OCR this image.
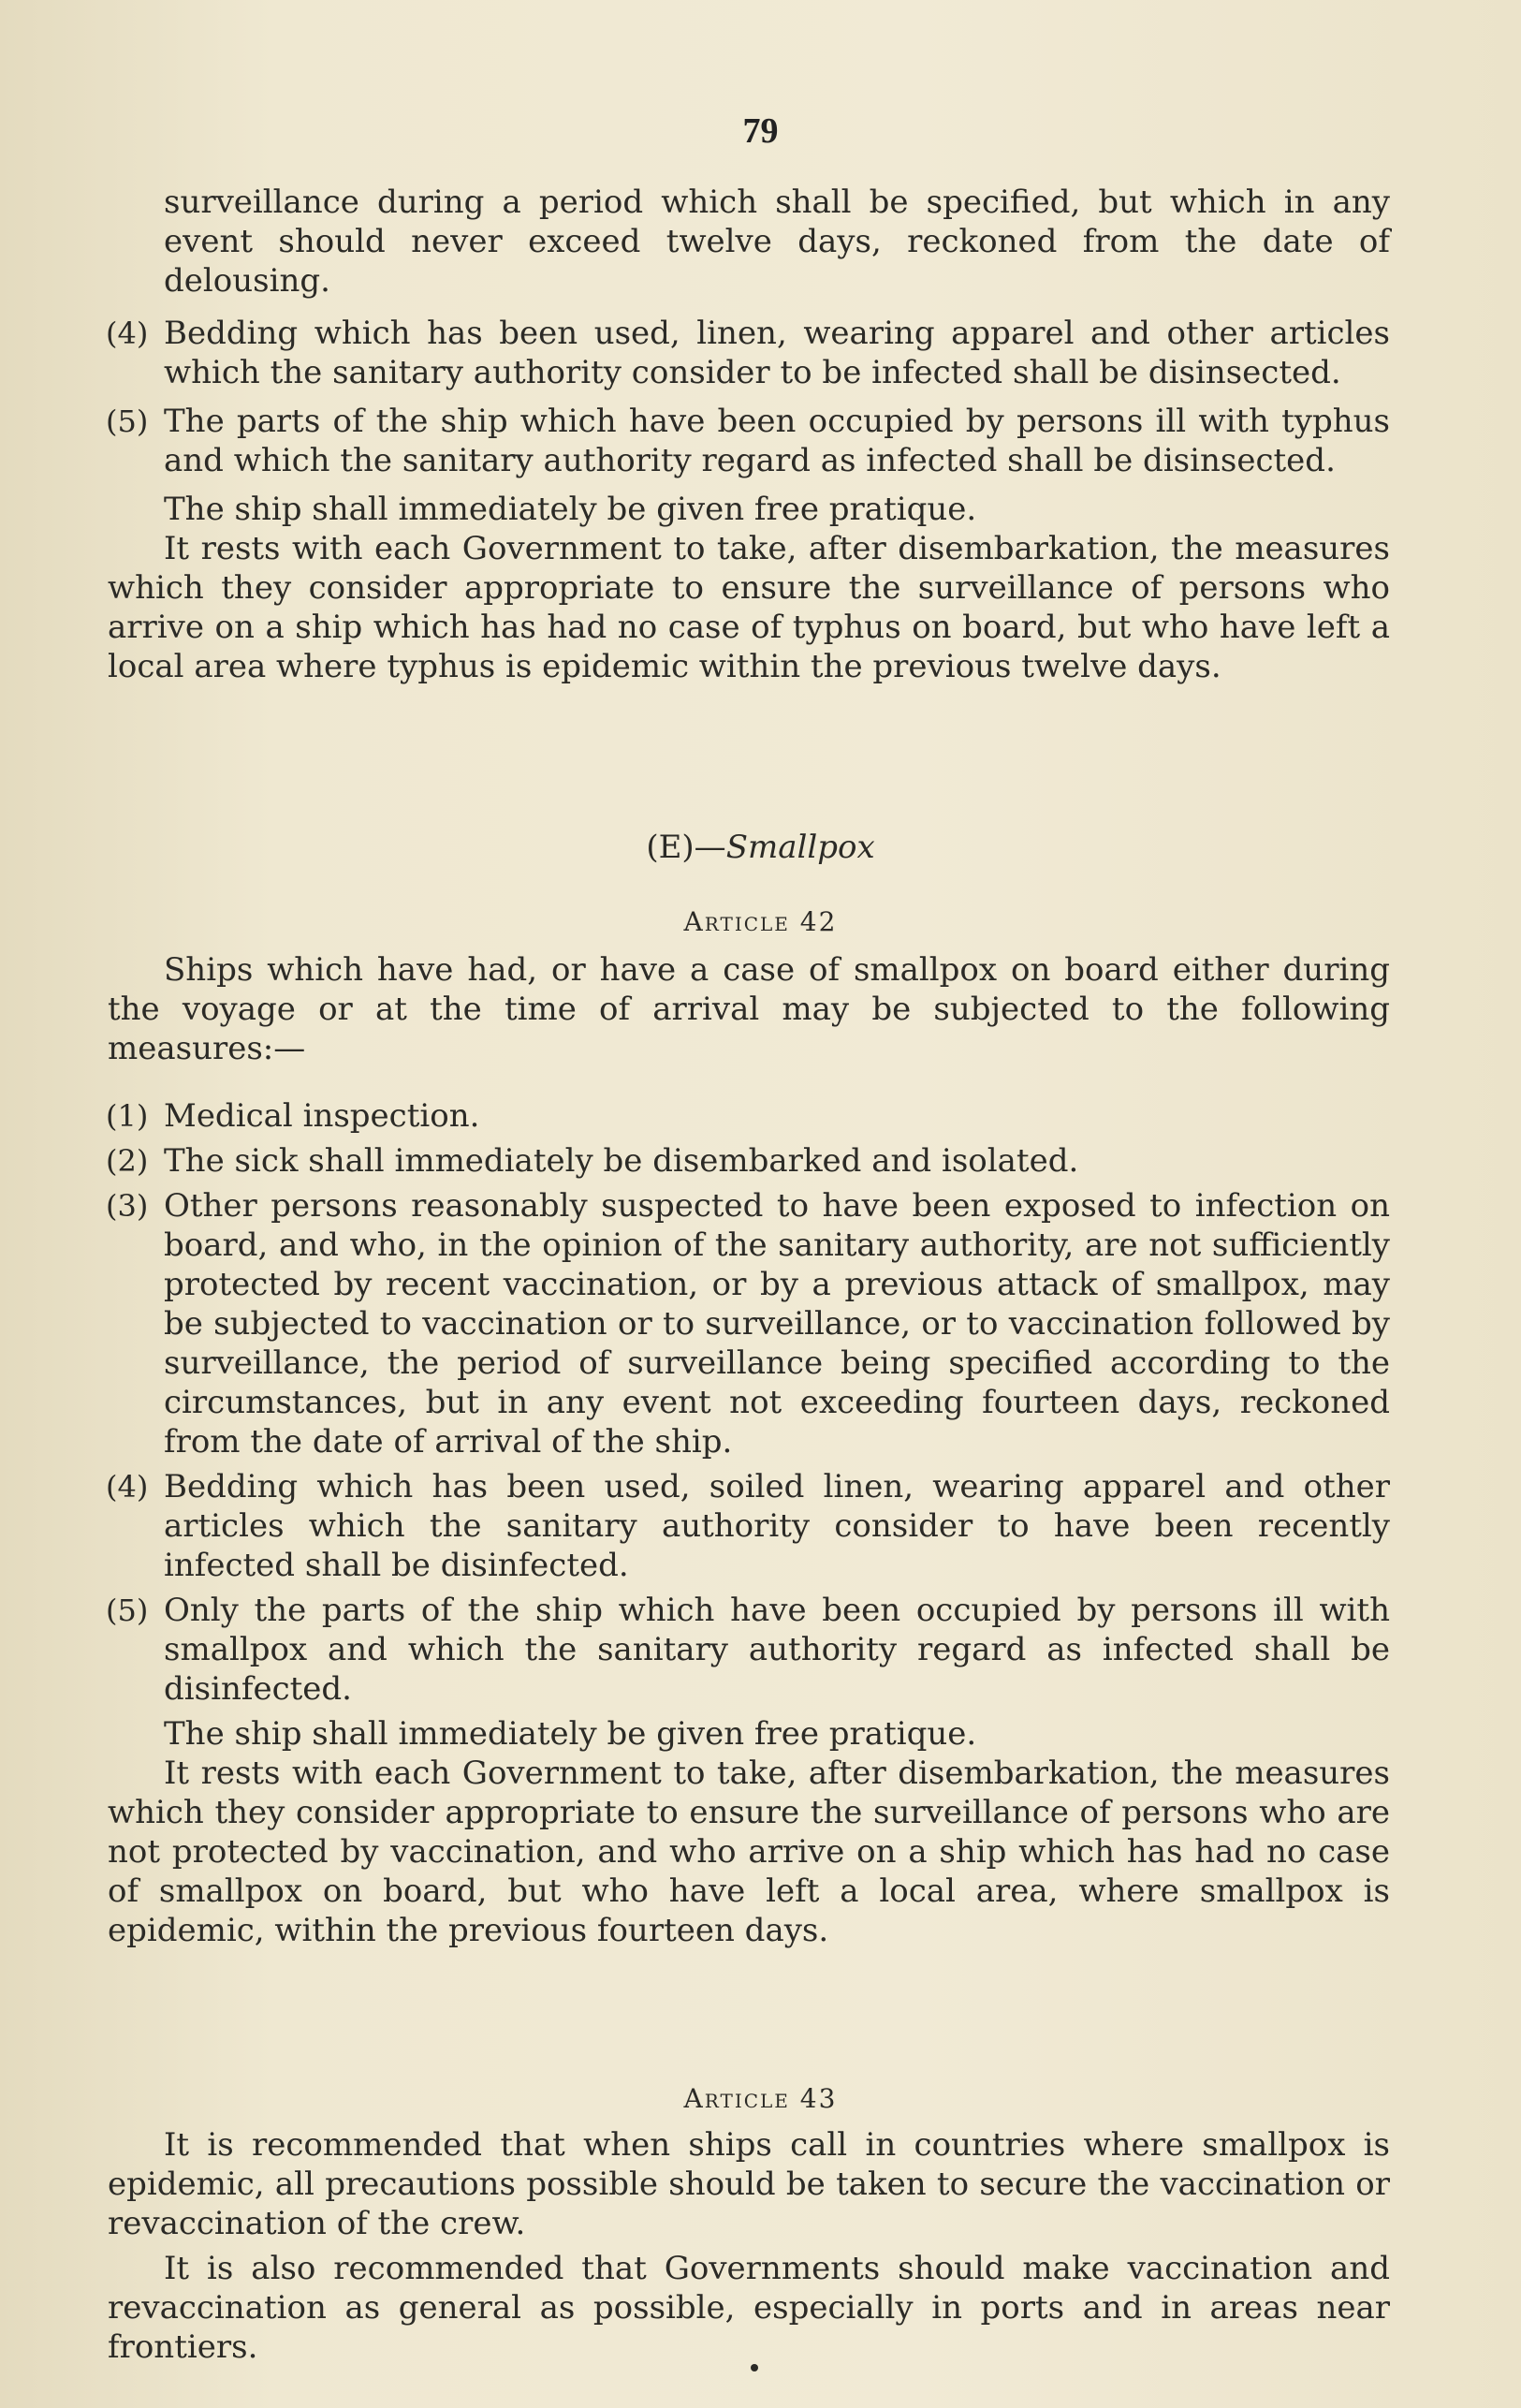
79

surveillance during a period which shall be specified, but which in any event should never exceed twelve days, reckoned from the date of delousing.

(4) Bedding which has been used, linen, wearing apparel and other articles which the sanitary authority consider to be infected shall be disinsected.

(5) The parts of the ship which have been occupied by persons ill with typhus and which the sanitary authority regard as infected shall be disinsected.

The ship shall immediately be given free pratique.

It rests with each Government to take, after disembarkation, the measures which they consider appropriate to ensure the surveillance of persons who arrive on a ship which has had no case of typhus on board, but who have left a local area where typhus is epidemic within the previous twelve days.

(E)—Smallpox
Article 42

Ships which have had, or have a case of smallpox on board either during the voyage or at the time of arrival may be subjected to the following measures:—

(1) Medical inspection.

(2) The sick shall immediately be disembarked and isolated.

(3) Other persons reasonably suspected to have been exposed to infection on board, and who, in the opinion of the sanitary authority, are not sufficiently protected by recent vaccination, or by a previous attack of smallpox, may be subjected to vaccination or to surveillance, or to vaccination followed by surveillance, the period of surveillance being specified according to the circumstances, but in any event not exceeding fourteen days, reckoned from the date of arrival of the ship.

(4) Bedding which has been used, soiled linen, wearing apparel and other articles which the sanitary authority consider to have been recently infected shall be disinfected.

(5) Only the parts of the ship which have been occupied by persons ill with smallpox and which the sanitary authority regard as infected shall be disinfected.

The ship shall immediately be given free pratique.

It rests with each Government to take, after disembarkation, the measures which they consider appropriate to ensure the surveillance of persons who are not protected by vaccination, and who arrive on a ship which has had no case of smallpox on board, but who have left a local area, where smallpox is epidemic, within the previous fourteen days.

Article 43

It is recommended that when ships call in countries where smallpox is epidemic, all precautions possible should be taken to secure the vaccination or revaccination of the crew.

It is also recommended that Governments should make vaccination and revaccination as general as possible, especially in ports and in areas near frontiers.
